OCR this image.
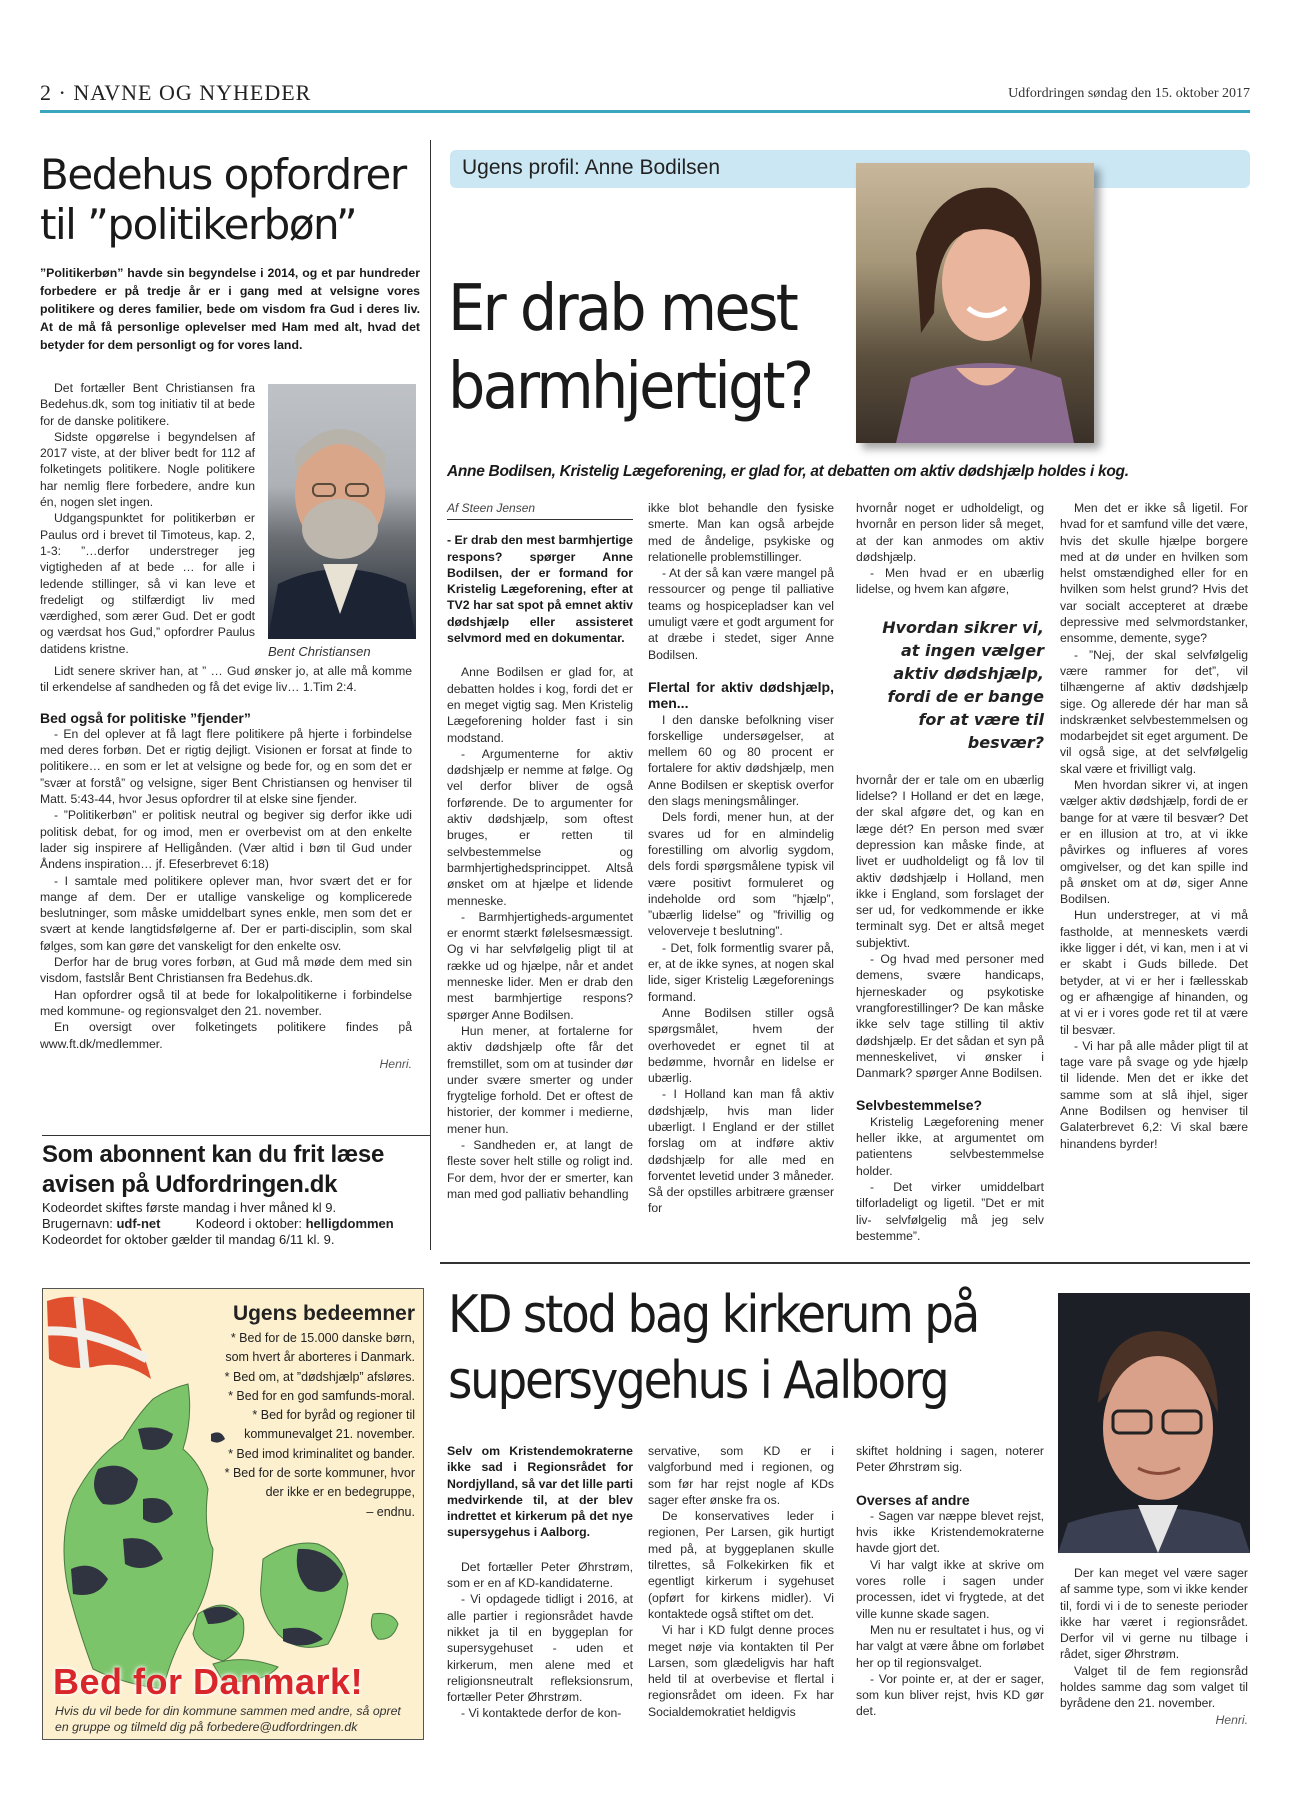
2 · NAVNE OG NYHEDER	Udfordringen søndag den 15. oktober 2017
Bedehus opfordrer
til ”politikerbøn”
”Politikerbøn” havde sin begyndelse i 2014, og et par hundreder forbedere er på tredje år er i gang med at velsigne vores politikere og deres familier, bede om visdom fra Gud i deres liv. At de må få personlige oplevelser med Ham med alt, hvad det betyder for dem personligt og for vores land.

Det fortæller Bent Christiansen fra Bedehus.dk, som tog initiativ til at bede for de danske politikere.

Sidste opgørelse i begyndelsen af 2017 viste, at der bliver bedt for 112 af folketingets politikere. Nogle politikere har nemlig flere forbedere, andre kun én, nogen slet ingen.

Udgangspunktet for politikerbøn er Paulus ord i brevet til Timoteus, kap. 2, 1-3: ”…derfor understreger jeg vigtigheden af at bede … for alle i ledende stillinger, så vi kan leve et fredeligt og stilfærdigt liv med værdighed, som ærer Gud. Det er godt og værdsat hos Gud,” opfordrer Paulus datidens kristne.	Bent Christiansen

Lidt senere skriver han, at ” … Gud ønsker jo, at alle må komme til erkendelse af sandheden og få det evige liv… 1.Tim 2:4.

Bed også for politiske ”fjender”

- En del oplever at få lagt flere politikere på hjerte i forbindelse med deres forbøn. Det er rigtig dejligt. Visionen er forsat at finde to politikere… en som er let at velsigne og bede for, og en som det er ”svær at forstå” og velsigne, siger Bent Christiansen og henviser til Matt. 5:43-44, hvor Jesus opfordrer til at elske sine fjender.

- ”Politikerbøn” er politisk neutral og begiver sig derfor ikke udi politisk debat, for og imod, men er overbevist om at den enkelte lader sig inspirere af Helligånden. (Vær altid i bøn til Gud under Åndens inspiration… jf. Efeserbrevet 6:18)

- I samtale med politikere oplever man, hvor svært det er for mange af dem. Der er utallige vanskelige og komplicerede beslutninger, som måske umiddelbart synes enkle, men som det er svært at kende langtidsfølgerne af. Der er parti-disciplin, som skal følges, som kan gøre det vanskeligt for den enkelte osv.

Derfor har de brug vores forbøn, at Gud må møde dem med sin visdom, fastslår Bent Christiansen fra Bedehus.dk.

Han opfordrer også til at bede for lokalpolitikerne i forbindelse med kommune- og regionsvalget den 21. november.

En oversigt over folketingets politikere findes på www.ft.dk/medlemmer.

Henri.
Som abonnent kan du frit læse
avisen på Udfordringen.dk
Kodeordet skiftes første mandag i hver måned kl 9.
Brugernavn: udf-net	Kodeord i oktober: helligdommen
Kodeordet for oktober gælder til mandag 6/11 kl. 9.
Ugens bedeemner
* Bed for de 15.000 danske børn,
som hvert år aborteres i Danmark.
* Bed om, at ”dødshjælp” afsløres.
* Bed for en god samfunds-moral.
* Bed for byråd og regioner til
kommunevalget 21. november.
* Bed imod kriminalitet og bander.
* Bed for de sorte kommuner, hvor
der ikke er en bedegruppe,
– endnu.
Bed for Danmark!
Hvis du vil bede for din kommune sammen med andre, så opret en gruppe og tilmeld dig på forbedere@udfordringen.dk
Ugens profil: Anne Bodilsen
Er drab mest
barmhjertigt?
Anne Bodilsen, Kristelig Lægeforening, er glad for, at debatten om aktiv dødshjælp holdes i kog.
Af Steen Jensen
- Er drab den mest barmhjertige respons? spørger Anne Bodilsen, der er formand for Kristelig Lægeforening, efter at TV2 har sat spot på emnet aktiv dødshjælp eller assisteret selvmord med en dokumentar.

Anne Bodilsen er glad for, at debatten holdes i kog, fordi det er en meget vigtig sag. Men Kristelig Lægeforening holder fast i sin modstand.

- Argumenterne for aktiv dødshjælp er nemme at følge. Og vel derfor bliver de også forførende. De to argumenter for aktiv dødshjælp, som oftest bruges, er retten til selvbestemmelse og barmhjertighedsprincippet. Altså ønsket om at hjælpe et lidende menneske.

- Barmhjertigheds-argumentet er enormt stærkt følelsesmæssigt. Og vi har selvfølgelig pligt til at række ud og hjælpe, når et andet menneske lider. Men er drab den mest barmhjertige respons? spørger Anne Bodilsen.

Hun mener, at fortalerne for aktiv dødshjælp ofte får det fremstillet, som om at tusinder dør under svære smerter og under frygtelige forhold. Det er oftest de historier, der kommer i medierne, mener hun.

- Sandheden er, at langt de fleste sover helt stille og roligt ind. For dem, hvor der er smerter, kan man med god palliativ behandling

ikke blot behandle den fysiske smerte. Man kan også arbejde med de åndelige, psykiske og relationelle problemstillinger.

- At der så kan være mangel på ressourcer og penge til palliative teams og hospicepladser kan vel umuligt være et godt argument for at dræbe i stedet, siger Anne Bodilsen.

Flertal for aktiv dødshjælp, men...

I den danske befolkning viser forskellige undersøgelser, at mellem 60 og 80 procent er fortalere for aktiv dødshjælp, men Anne Bodilsen er skeptisk overfor den slags meningsmålinger.

Dels fordi, mener hun, at der svares ud for en almindelig forestilling om alvorlig sygdom, dels fordi spørgsmålene typisk vil være positivt formuleret og indeholde ord som ”hjælp”, ”ubærlig lidelse” og ”frivillig og veloverveje t beslutning”.

- Det, folk formentlig svarer på, er, at de ikke synes, at nogen skal lide, siger Kristelig Lægeforenings formand.

Anne Bodilsen stiller også spørgsmålet, hvem der overhovedet er egnet til at bedømme, hvornår en lidelse er ubærlig.

- I Holland kan man få aktiv dødshjælp, hvis man lider ubærligt. I England er der stillet forslag om at indføre aktiv dødshjælp for alle med en forventet levetid under 3 måneder. Så der opstilles arbitrære grænser for

hvornår noget er udholdeligt, og hvornår en person lider så meget, at der kan anmodes om aktiv dødshjælp.

- Men hvad er en ubærlig lidelse, og hvem kan afgøre,

Hvordan sikrer vi, at ingen vælger aktiv dødshjælp, fordi de er bange for at være til besvær?

hvornår der er tale om en ubærlig lidelse? I Holland er det en læge, der skal afgøre det, og kan en læge dét? En person med svær depression kan måske finde, at livet er uudholdeligt og få lov til aktiv dødshjælp i Holland, men ikke i England, som forslaget der ser ud, for vedkommende er ikke terminalt syg. Det er altså meget subjektivt.

- Og hvad med personer med demens, svære handicaps, hjerneskader og psykotiske vrangforestillinger? De kan måske ikke selv tage stilling til aktiv dødshjælp. Er det sådan et syn på menneskelivet, vi ønsker i Danmark? spørger Anne Bodilsen.

Selvbestemmelse?

Kristelig Lægeforening mener heller ikke, at argumentet om patientens selvbestemmelse holder.

- Det virker umiddelbart tilforladeligt og ligetil. ”Det er mit liv- selvfølgelig må jeg selv bestemme”.

Men det er ikke så ligetil. For hvad for et samfund ville det være, hvis det skulle hjælpe borgere med at dø under en hvilken som helst omstændighed eller for en hvilken som helst grund? Hvis det var socialt accepteret at dræbe depressive med selvmordstanker, ensomme, demente, syge?

- ”Nej, der skal selvfølgelig være rammer for det”, vil tilhængerne af aktiv dødshjælp sige. Og allerede dér har man så indskrænket selvbestemmelsen og modarbejdet sit eget argument. De vil også sige, at det selvfølgelig skal være et frivilligt valg.

Men hvordan sikrer vi, at ingen vælger aktiv dødshjælp, fordi de er bange for at være til besvær? Det er en illusion at tro, at vi ikke påvirkes og influeres af vores omgivelser, og det kan spille ind på ønsket om at dø, siger Anne Bodilsen.

Hun understreger, at vi må fastholde, at menneskets værdi ikke ligger i dét, vi kan, men i at vi er skabt i Guds billede. Det betyder, at vi er her i fællesskab og er afhængige af hinanden, og at vi er i vores gode ret til at være til besvær.

- Vi har på alle måder pligt til at tage vare på svage og yde hjælp til lidende. Men det er ikke det samme som at slå ihjel, siger Anne Bodilsen og henviser til Galaterbrevet 6,2: Vi skal bære hinandens byrder!

KD stod bag kirkerum på
supersygehus i Aalborg
Selv om Kristendemokraterne ikke sad i Regionsrådet for Nordjylland, så var det lille parti medvirkende til, at der blev indrettet et kirkerum på det nye supersygehus i Aalborg.

Det fortæller Peter Øhrstrøm, som er en af KD-kandidaterne.

- Vi opdagede tidligt i 2016, at alle partier i regionsrådet havde nikket ja til en byggeplan for supersygehuset - uden et kirkerum, men alene med et religionsneutralt refleksionsrum, fortæller Peter Øhrstrøm.

- Vi kontaktede derfor de kon-

servative, som KD er i valgforbund med i regionen, og som før har rejst nogle af KDs sager efter ønske fra os.

De konservatives leder i regionen, Per Larsen, gik hurtigt med på, at byggeplanen skulle tilrettes, så Folkekirken fik et egentligt kirkerum i sygehuset (opført for kirkens midler). Vi kontaktede også stiftet om det.

Vi har i KD fulgt denne proces meget nøje via kontakten til Per Larsen, som glædeligvis har haft held til at overbevise et flertal i regionsrådet om ideen. Fx har Socialdemokratiet heldigvis

skiftet holdning i sagen, noterer Peter Øhrstrøm sig.

Overses af andre

- Sagen var næppe blevet rejst, hvis ikke Kristendemokraterne havde gjort det.

Vi har valgt ikke at skrive om vores rolle i sagen under processen, idet vi frygtede, at det ville kunne skade sagen.

Men nu er resultatet i hus, og vi har valgt at være åbne om forløbet her op til regionsvalget.

- Vor pointe er, at der er sager, som kun bliver rejst, hvis KD gør det.

Der kan meget vel være sager af samme type, som vi ikke kender til, fordi vi i de to seneste perioder ikke har været i regionsrådet. Derfor vil vi gerne nu tilbage i rådet, siger Øhrstrøm.

Valget til de fem regionsråd holdes samme dag som valget til byrådene den 21. november.

Henri.
